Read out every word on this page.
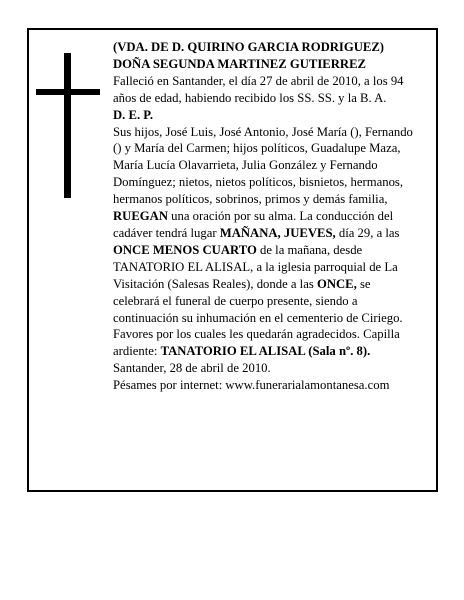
(VDA. DE D. QUIRINO GARCIA RODRIGUEZ)

DOÑA SEGUNDA MARTINEZ GUTIERREZ

Falleció en Santander, el día 27 de abril de 2010, a los 94 años de edad, habiendo recibido los SS. SS. y la B. A.

D. E. P.

Sus hijos, José Luis, José Antonio, José María (), Fernando () y María del Carmen; hijos políticos, Guadalupe Maza, María Lucía Olavarrieta, Julia González y Fernando Domínguez; nietos, nietos políticos, bisnietos, hermanos, hermanos políticos, sobrinos, primos y demás familia,

RUEGAN una oración por su alma. La conducción del cadáver tendrá lugar MAÑANA, JUEVES, día 29, a las ONCE MENOS CUARTO de la mañana, desde TANATORIO EL ALISAL, a la iglesia parroquial de La Visitación (Salesas Reales), donde a las ONCE, se celebrará el funeral de cuerpo presente, siendo a continuación su inhumación en el cementerio de Ciriego. Favores por los cuales les quedarán agradecidos. Capilla ardiente: TANATORIO EL ALISAL (Sala nº. 8).

Santander, 28 de abril de 2010.

Pésames por internet: www.funerarialamontanesa.com
